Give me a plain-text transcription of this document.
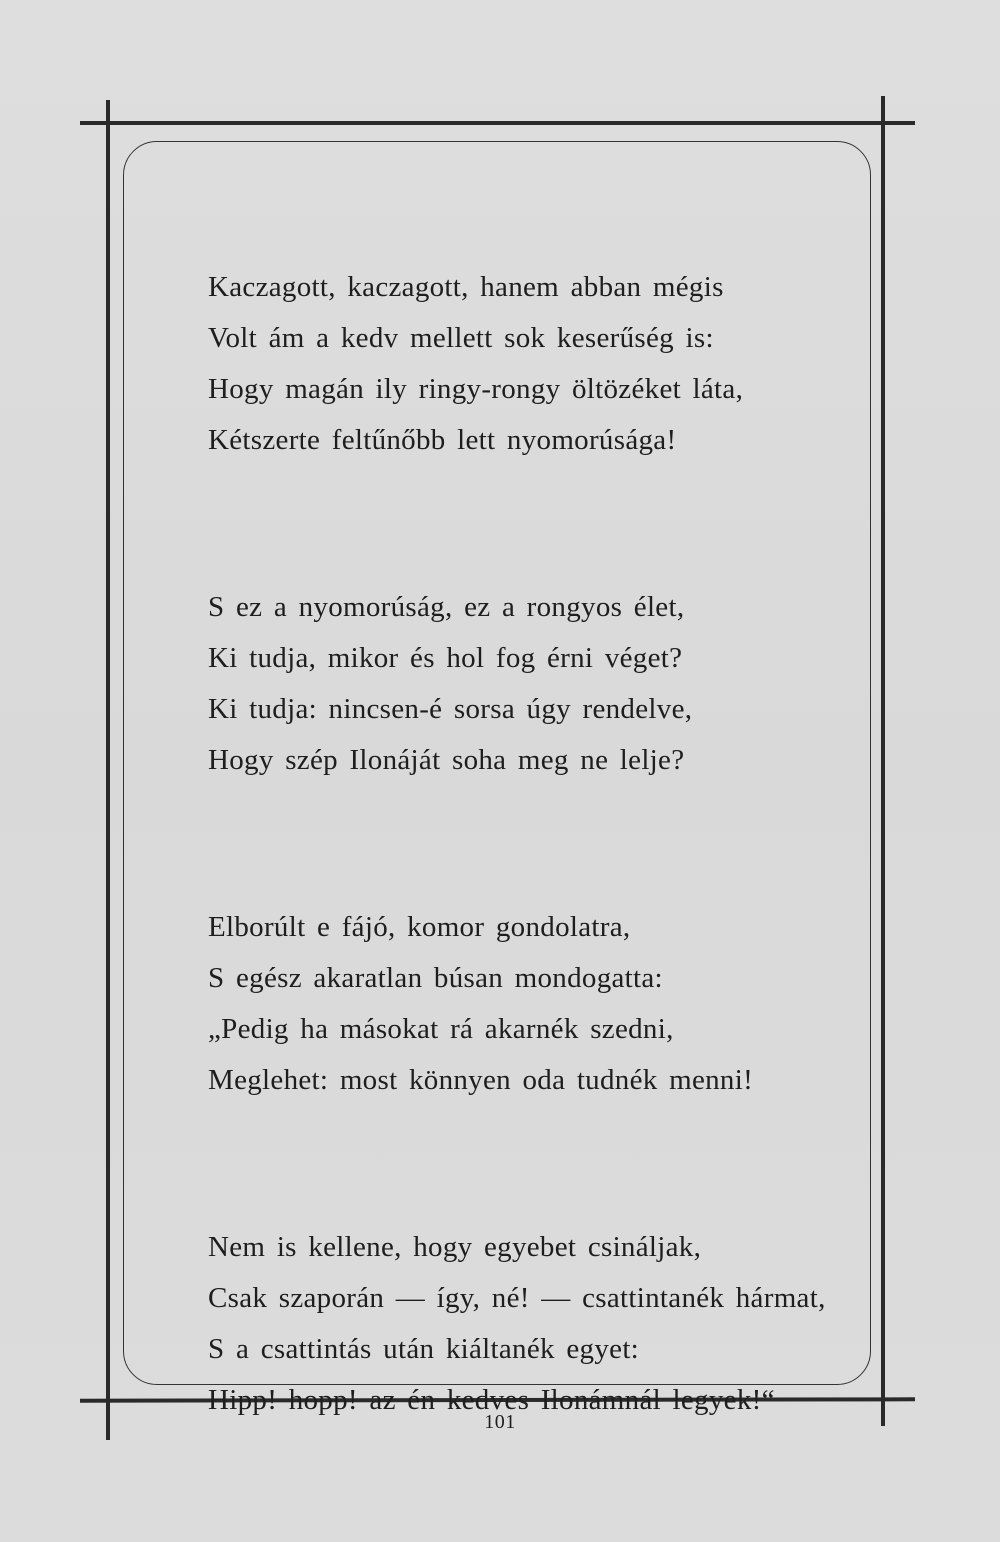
Kaczagott, kaczagott, hanem abban mégis
Volt ám a kedv mellett sok keserűség is:
Hogy magán ily ringy-rongy öltözéket láta,
Kétszerte feltűnőbb lett nyomorúsága!
S ez a nyomorúság, ez a rongyos élet,
Ki tudja, mikor és hol fog érni véget?
Ki tudja: nincsen-é sorsa úgy rendelve,
Hogy szép Ilonáját soha meg ne lelje?
Elborúlt e fájó, komor gondolatra,
S egész akaratlan búsan mondogatta:
„Pedig ha másokat rá akarnék szedni,
Meglehet: most könnyen oda tudnék menni!
Nem is kellene, hogy egyebet csináljak,
Csak szaporán — így, né! — csattintanék hármat,
S a csattintás után kiáltanék egyet:
Hipp! hopp! az én kedves Ilonámnál legyek!“
101
